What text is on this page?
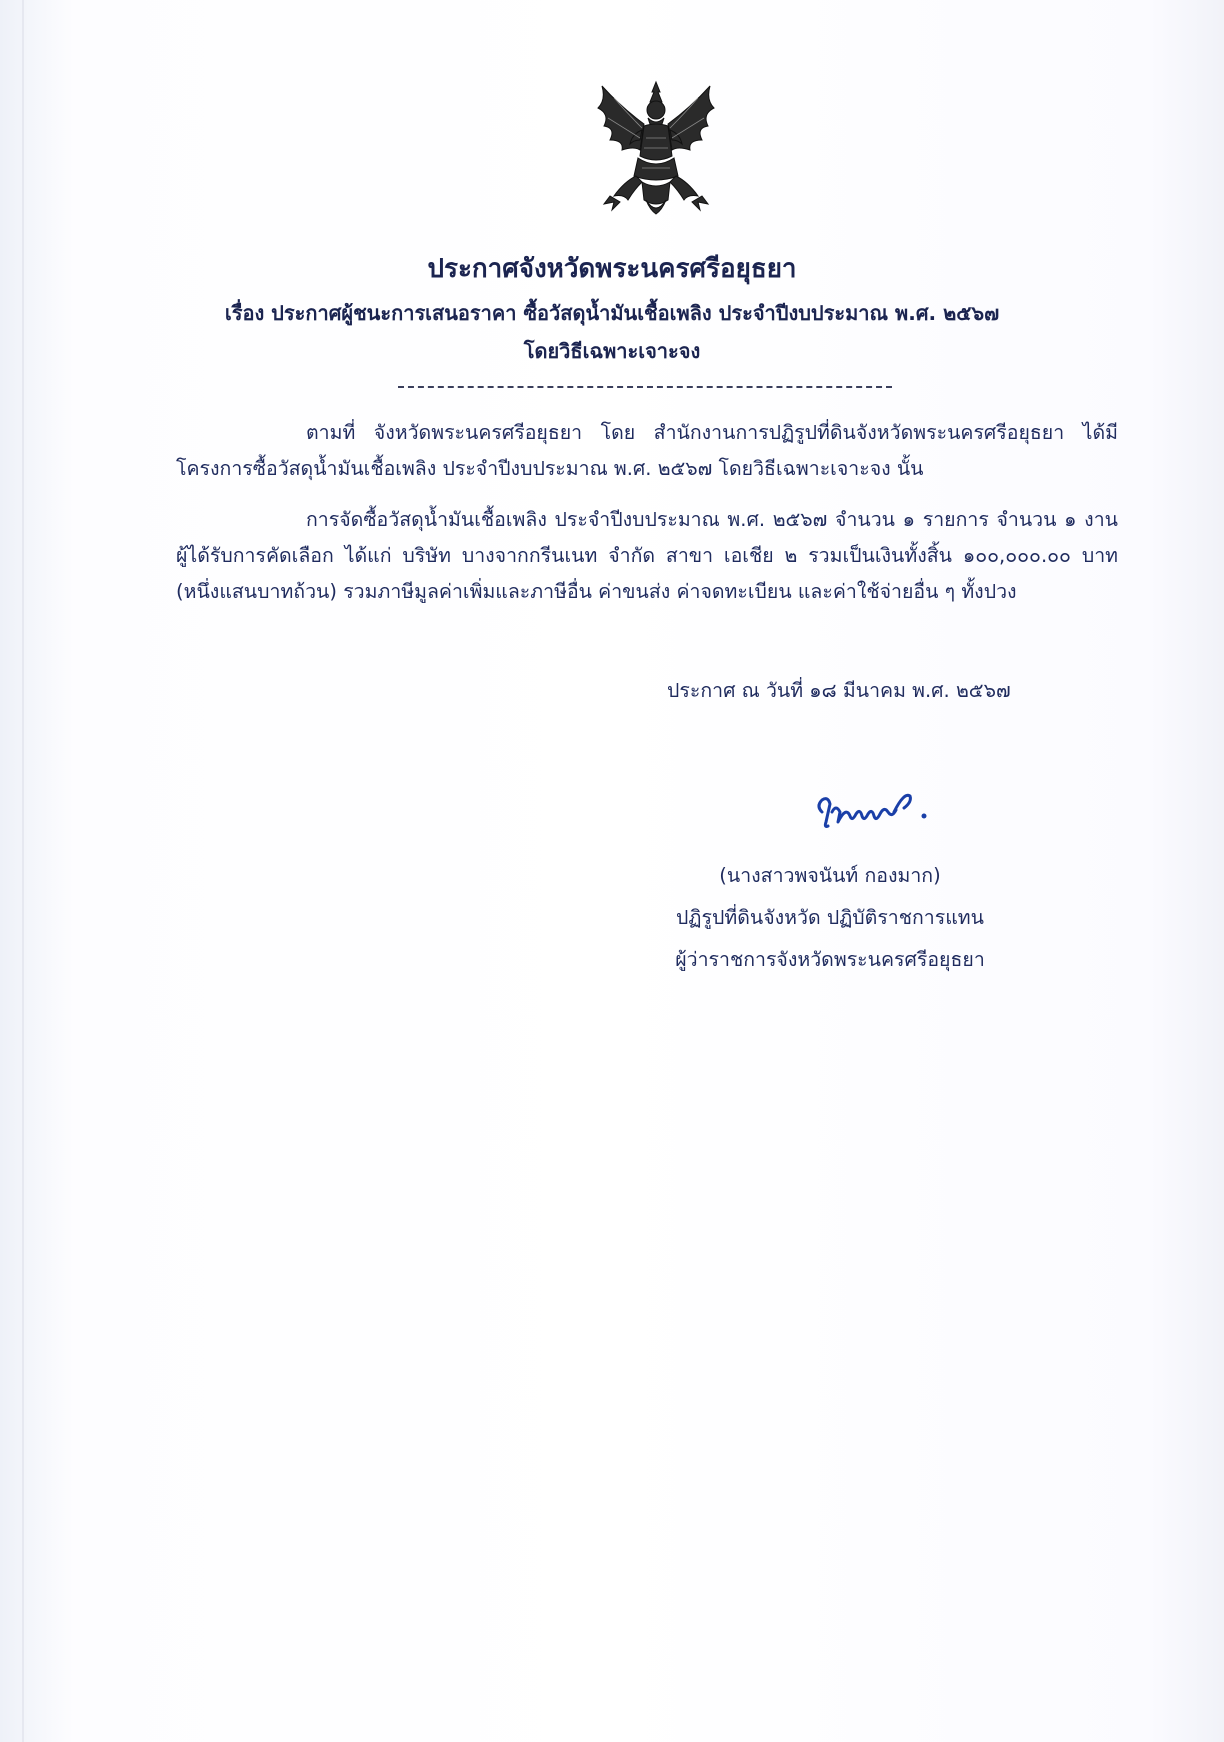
ประกาศจังหวัดพระนครศรีอยุธยา
เรื่อง ประกาศผู้ชนะการเสนอราคา ซื้อวัสดุน้ำมันเชื้อเพลิง ประจำปีงบประมาณ พ.ศ. ๒๕๖๗
โดยวิธีเฉพาะเจาะจง
ตามที่ จังหวัดพระนครศรีอยุธยา โดย สำนักงานการปฏิรูปที่ดินจังหวัดพระนครศรีอยุธยา ได้มีโครงการซื้อวัสดุน้ำมันเชื้อเพลิง ประจำปีงบประมาณ พ.ศ. ๒๕๖๗ โดยวิธีเฉพาะเจาะจง นั้น
การจัดซื้อวัสดุน้ำมันเชื้อเพลิง ประจำปีงบประมาณ พ.ศ. ๒๕๖๗ จำนวน ๑ รายการ จำนวน ๑ งาน ผู้ได้รับการคัดเลือก ได้แก่ บริษัท บางจากกรีนเนท จำกัด สาขา เอเชีย ๒ รวมเป็นเงินทั้งสิ้น ๑๐๐,๐๐๐.๐๐ บาท (หนึ่งแสนบาทถ้วน) รวมภาษีมูลค่าเพิ่มและภาษีอื่น ค่าขนส่ง ค่าจดทะเบียน และค่าใช้จ่ายอื่น ๆ ทั้งปวง
ประกาศ ณ วันที่ ๑๘ มีนาคม พ.ศ. ๒๕๖๗
(นางสาวพจนันท์ กองมาก)
ปฏิรูปที่ดินจังหวัด ปฏิบัติราชการแทน
ผู้ว่าราชการจังหวัดพระนครศรีอยุธยา
